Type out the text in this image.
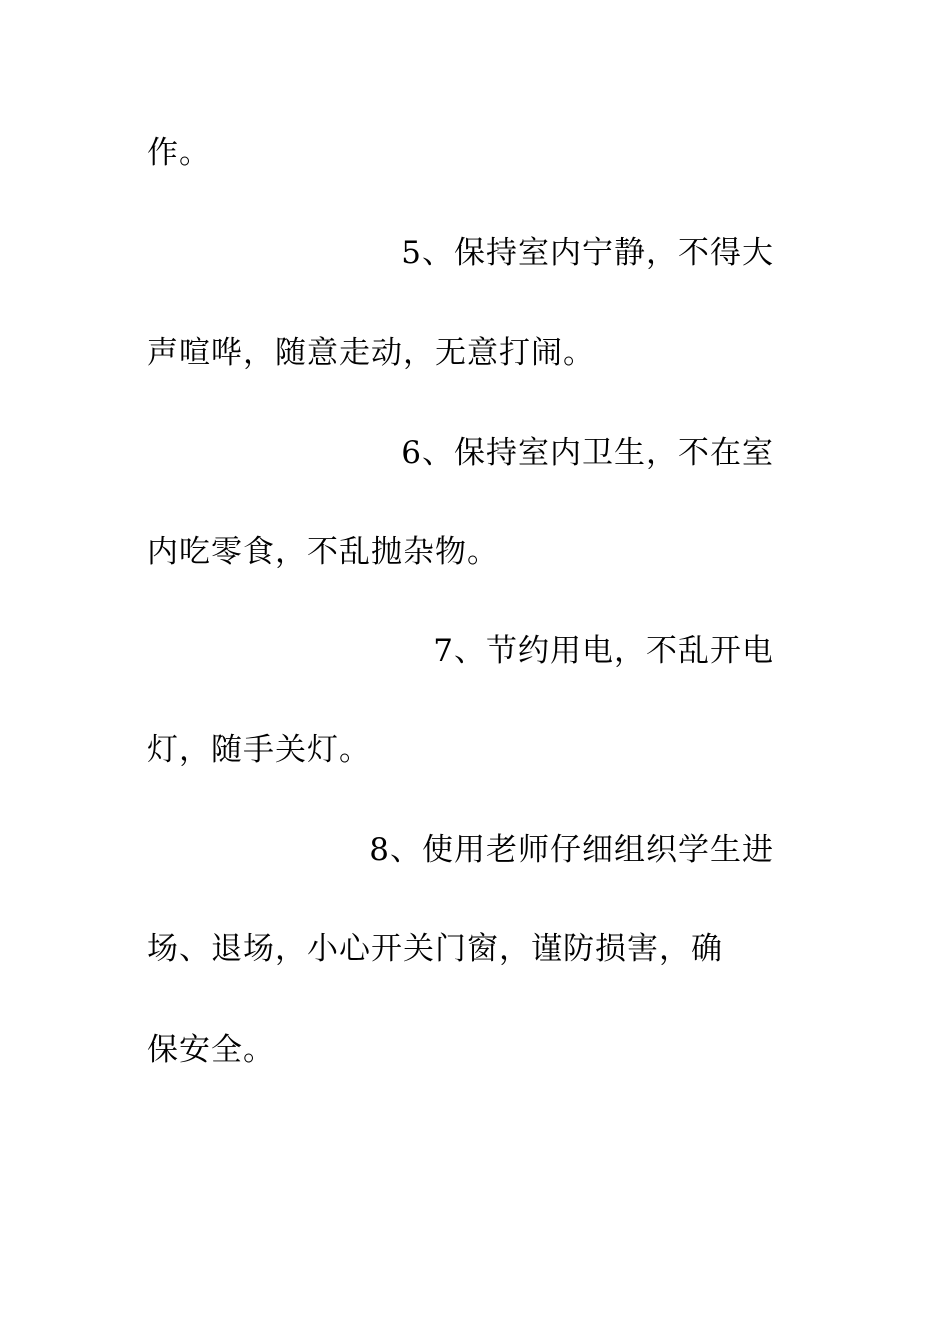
作。
5、保持室内宁静，不得大
声喧哗，随意走动，无意打闹。
6、保持室内卫生，不在室
内吃零食，不乱抛杂物。
7、节约用电，不乱开电
灯，随手关灯。
8、使用老师仔细组织学生进
场、退场，小心开关门窗，谨防损害，确
保安全。
